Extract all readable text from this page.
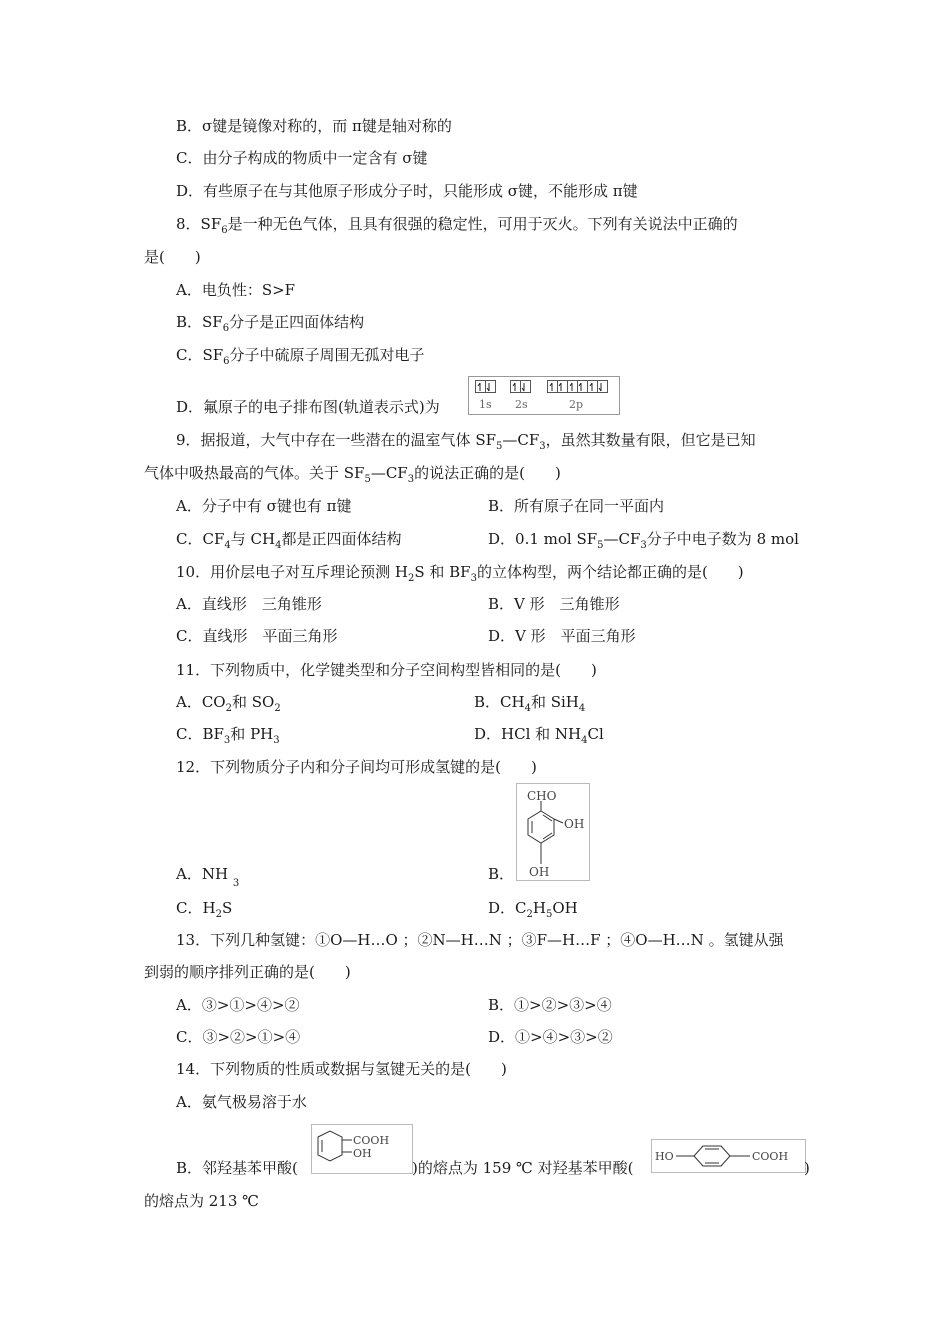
B．σ键是镜像对称的，而 π键是轴对称的
C．由分子构成的物质中一定含有 σ键
D．有些原子在与其他原子形成分子时，只能形成 σ键，不能形成 π键
8．$SF_6$是一种无色气体，且具有很强的稳定性，可用于灭火。下列有关说法中正确的
是(　　)
A．电负性：S>F
B．$SF_6$分子是正四面体结构
C．$SF_6$分子中硫原子周围无孤对电子
D．氟原子的电子排布图(轨道表示式)为	1s 2s	2p
9．据报道，大气中存在一些潜在的温室气体 $SF_5—CF_3$，虽然其数量有限，但它是已知
气体中吸热最高的气体。关于 $SF_5—CF_3$的说法正确的是(　　)
A．分子中有 σ键也有 π键	B．所有原子在同一平面内
C．$CF_4$与 $CH_4$都是正四面体结构	D．0.1 mol $SF_5—CF_3$分子中电子数为 8 mol
10．用价层电子对互斥理论预测 $H_2S$ 和 $BF_3$的立体构型，两个结论都正确的是(　　)
A．直线形　三角锥形	B．V 形　三角锥形
C．直线形　平面三角形	D．V 形　平面三角形
11．下列物质中，化学键类型和分子空间构型皆相同的是(　　)
A．$CO_2$和 $SO_2$	B．$CH_4$和 SiH$_4$
C．$BF_3$和 $PH_3$	D．HCl 和 $NH_4Cl$
12．下列物质分子内和分子间均可形成氢键的是(　　)
CHO
OH
OH
A．NH $_3$
B．
C．$H_2S$	D．$C_2H_5OH$
13．下列几种氢键：①O—H…O ；②N—H…N ；③F—H…F ；④O—H…N 。氢键从强
到弱的顺序排列正确的是(　　)
A．③>①>④>②	B．①>②>③>④
C．③>②>①>④	D．①>④>③>②
14．下列物质的性质或数据与氢键无关的是(　　)
A．氨气极易溶于水
B．邻羟基苯甲酸(
COOH
OH
)的熔点为 159 ℃ 对羟基苯甲酸(
HO	COOH
)
的熔点为 213 ℃
